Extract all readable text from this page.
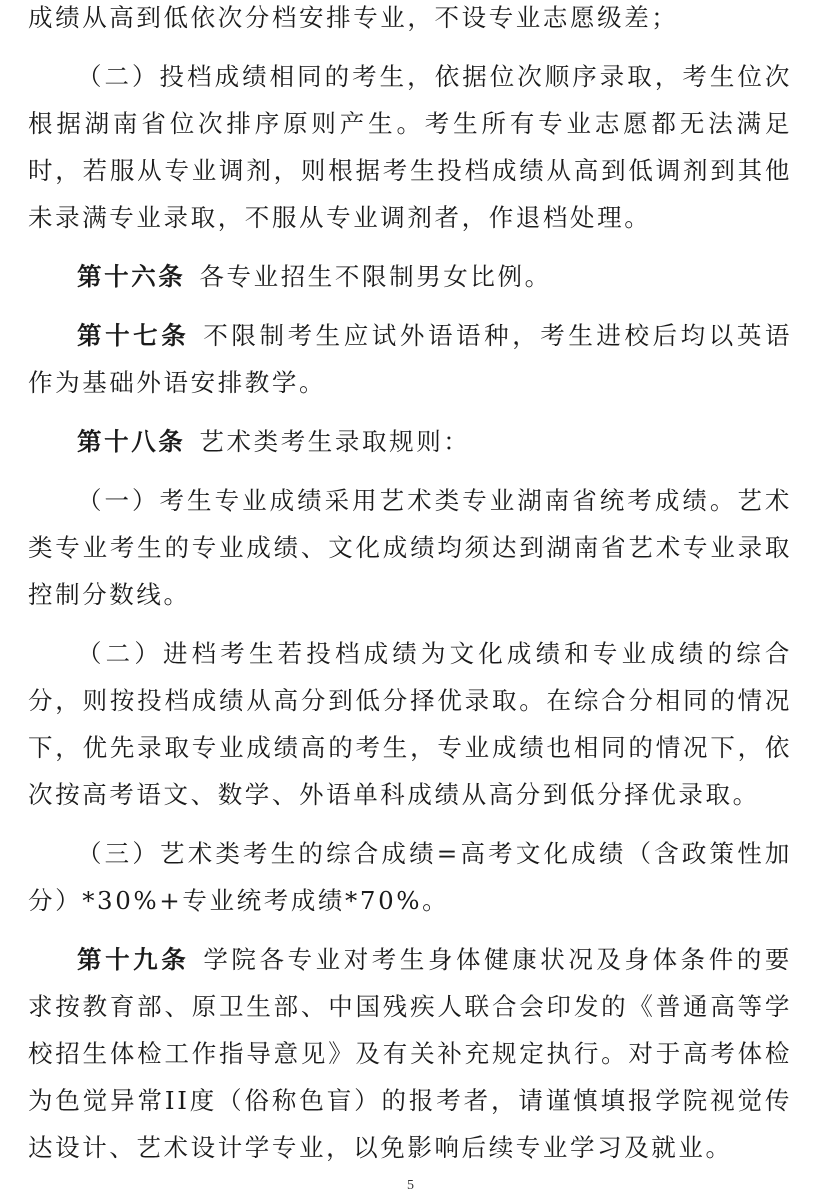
成绩从高到低依次分档安排专业，不设专业志愿级差；

（二）投档成绩相同的考生，依据位次顺序录取，考生位次根据湖南省位次排序原则产生。考生所有专业志愿都无法满足时，若服从专业调剂，则根据考生投档成绩从高到低调剂到其他未录满专业录取，不服从专业调剂者，作退档处理。

第十六条 各专业招生不限制男女比例。

第十七条 不限制考生应试外语语种，考生进校后均以英语作为基础外语安排教学。

第十八条 艺术类考生录取规则：

（一）考生专业成绩采用艺术类专业湖南省统考成绩。艺术类专业考生的专业成绩、文化成绩均须达到湖南省艺术专业录取控制分数线。

（二）进档考生若投档成绩为文化成绩和专业成绩的综合分，则按投档成绩从高分到低分择优录取。在综合分相同的情况下，优先录取专业成绩高的考生，专业成绩也相同的情况下，依次按高考语文、数学、外语单科成绩从高分到低分择优录取。

（三）艺术类考生的综合成绩=高考文化成绩（含政策性加分）*30%+专业统考成绩*70%。

第十九条 学院各专业对考生身体健康状况及身体条件的要求按教育部、原卫生部、中国残疾人联合会印发的《普通高等学校招生体检工作指导意见》及有关补充规定执行。对于高考体检为色觉异常II度（俗称色盲）的报考者，请谨慎填报学院视觉传达设计、艺术设计学专业，以免影响后续专业学习及就业。

5
